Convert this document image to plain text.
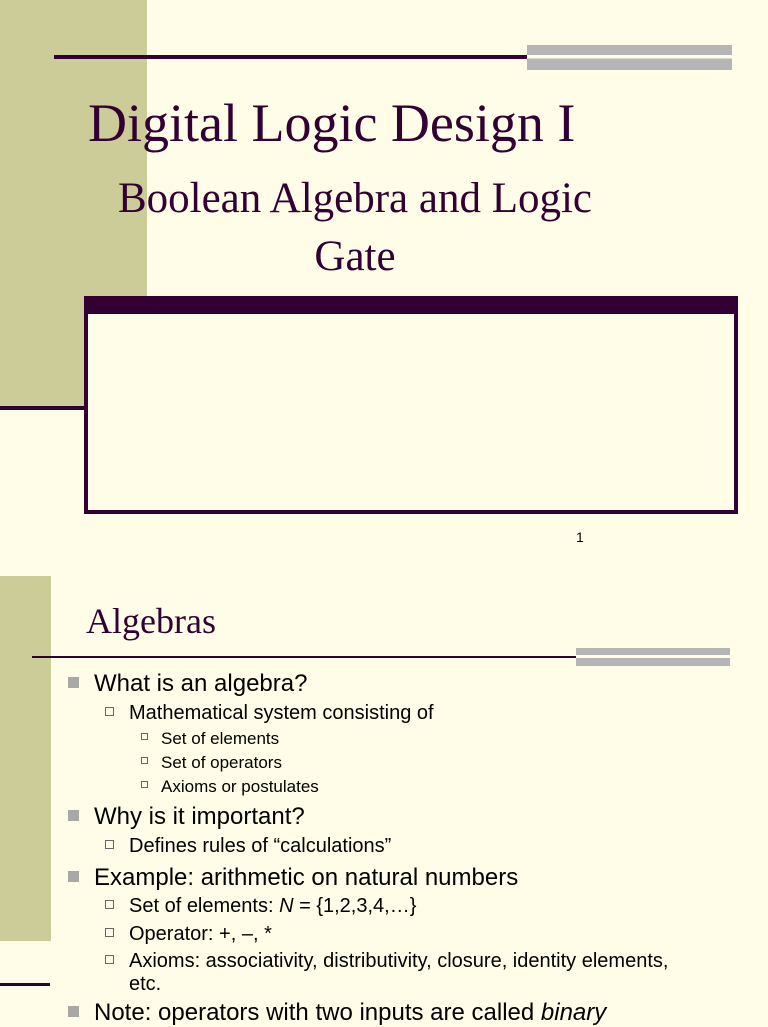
Digital Logic Design I
Boolean Algebra and Logic Gate
1
Algebras
What is an algebra?
Mathematical system consisting of
Set of elements
Set of operators
Axioms or postulates
Why is it important?
Defines rules of “calculations”
Example: arithmetic on natural numbers
Set of elements: N = {1,2,3,4,…}
Operator: +, –, *
Axioms: associativity, distributivity, closure, identity elements,
etc.
Note: operators with two inputs are called binary
